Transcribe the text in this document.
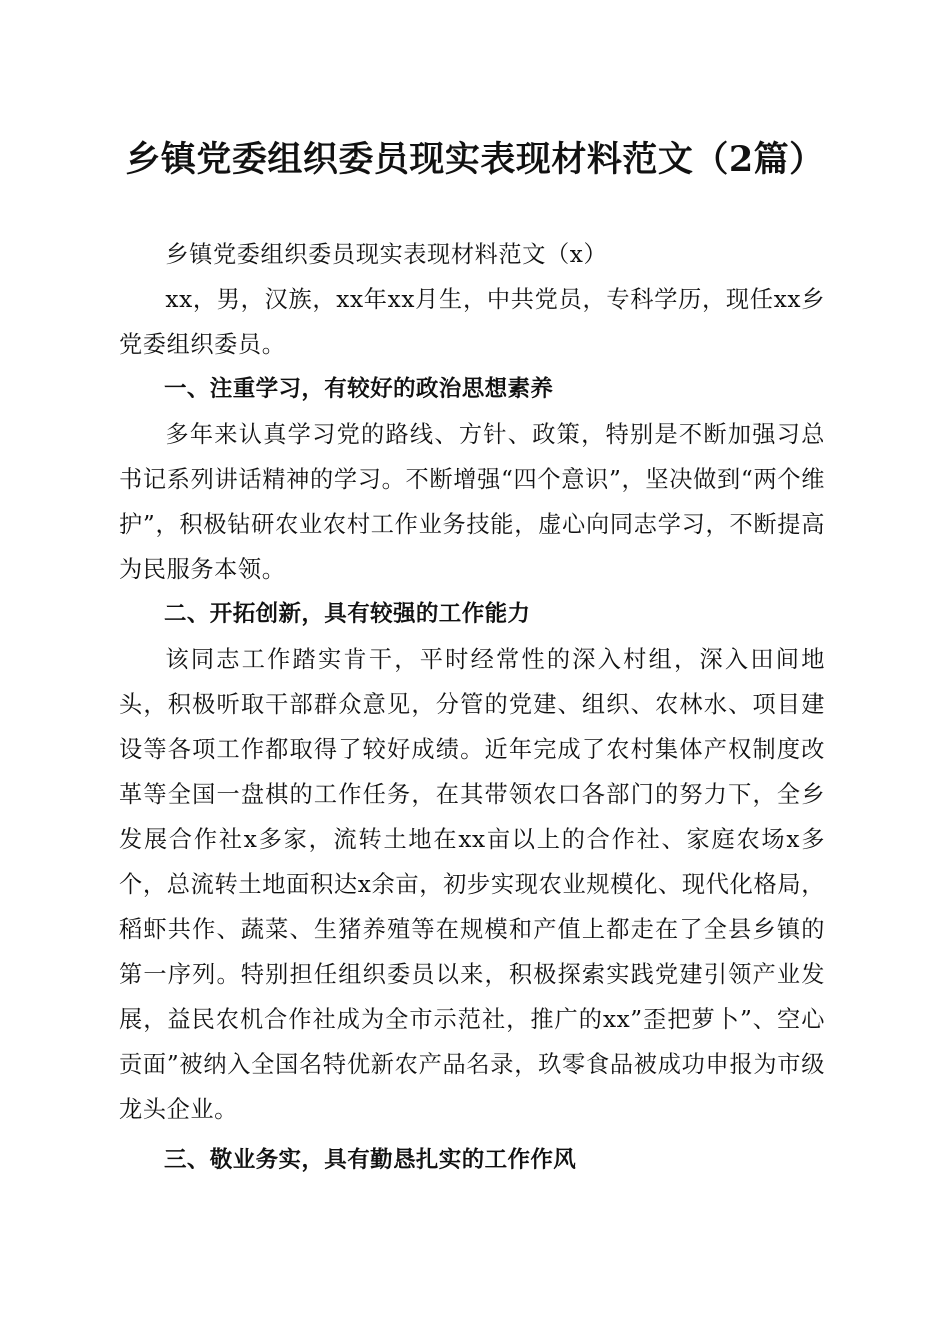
乡镇党委组织委员现实表现材料范文（2篇）

乡镇党委组织委员现实表现材料范文（x）

xx，男，汉族，xx年xx月生，中共党员，专科学历，现任xx乡党委组织委员。

一、注重学习，有较好的政治思想素养

多年来认真学习党的路线、方针、政策，特别是不断加强习总书记系列讲话精神的学习。不断增强“四个意识”，坚决做到“两个维护”，积极钻研农业农村工作业务技能，虚心向同志学习，不断提高为民服务本领。

二、开拓创新，具有较强的工作能力

该同志工作踏实肯干，平时经常性的深入村组，深入田间地头，积极听取干部群众意见，分管的党建、组织、农林水、项目建设等各项工作都取得了较好成绩。近年完成了农村集体产权制度改革等全国一盘棋的工作任务，在其带领农口各部门的努力下，全乡发展合作社x多家，流转土地在xx亩以上的合作社、家庭农场x多个，总流转土地面积达x余亩，初步实现农业规模化、现代化格局，稻虾共作、蔬菜、生猪养殖等在规模和产值上都走在了全县乡镇的第一序列。特别担任组织委员以来，积极探索实践党建引领产业发展，益民农机合作社成为全市示范社，推广的xx”歪把萝卜”、空心贡面”被纳入全国名特优新农产品名录，玖零食品被成功申报为市级龙头企业。

三、敬业务实，具有勤恳扎实的工作作风
